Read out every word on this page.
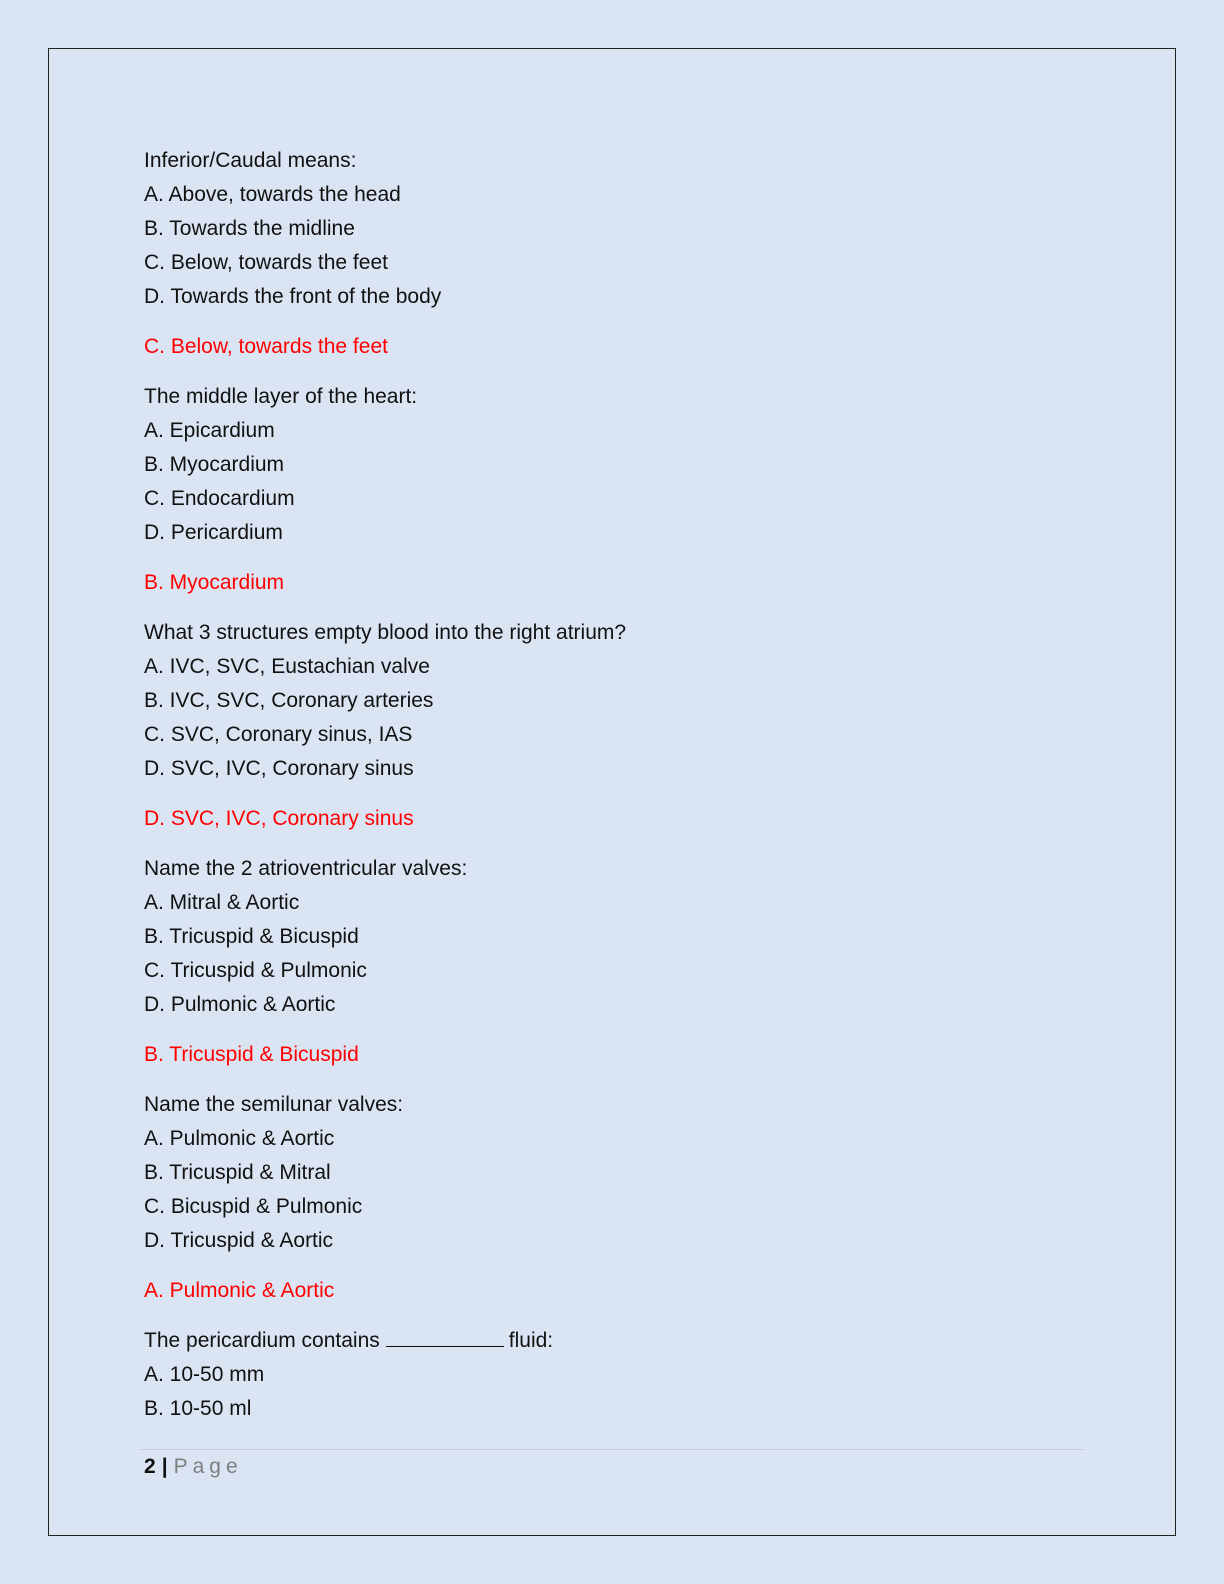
Inferior/Caudal means:

A. Above, towards the head

B. Towards the midline

C. Below, towards the feet

D. Towards the front of the body

C. Below, towards the feet

The middle layer of the heart:

A. Epicardium

B. Myocardium

C. Endocardium

D. Pericardium

B. Myocardium

What 3 structures empty blood into the right atrium?

A. IVC, SVC, Eustachian valve

B. IVC, SVC, Coronary arteries

C. SVC, Coronary sinus, IAS

D. SVC, IVC, Coronary sinus

D. SVC, IVC, Coronary sinus

Name the 2 atrioventricular valves:

A. Mitral & Aortic

B. Tricuspid & Bicuspid

C. Tricuspid & Pulmonic

D. Pulmonic & Aortic

B. Tricuspid & Bicuspid

Name the semilunar valves:

A. Pulmonic & Aortic

B. Tricuspid & Mitral

C. Bicuspid & Pulmonic

D. Tricuspid & Aortic

A. Pulmonic & Aortic

The pericardium contains	fluid:

A. 10-50 mm

B. 10-50 ml

2 | Page
